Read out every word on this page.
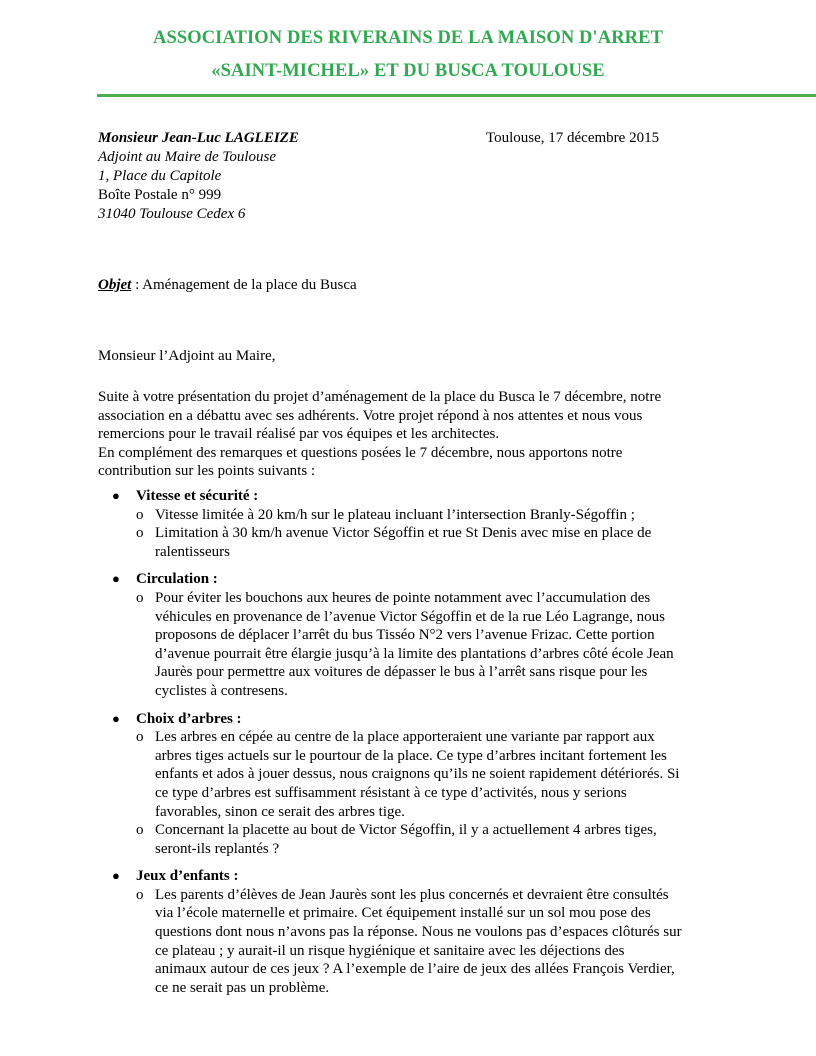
ASSOCIATION DES RIVERAINS DE LA MAISON D'ARRET
«SAINT-MICHEL» ET DU BUSCA TOULOUSE
Monsieur Jean-Luc LAGLEIZE
Adjoint au Maire de Toulouse
1, Place du Capitole
Boîte Postale n° 999
31040 Toulouse Cedex 6
Toulouse, 17 décembre 2015
Objet : Aménagement de la place du Busca
Monsieur l’Adjoint au Maire,
Suite à votre présentation du projet d’aménagement de la place du Busca le 7 décembre, notre
association en a débattu avec ses adhérents. Votre projet répond à nos attentes et nous vous
remercions pour le travail réalisé par vos équipes et les architectes.
En complément des remarques et questions posées le 7 décembre, nous apportons notre
contribution sur les points suivants :
● Vitesse et sécurité :
o Vitesse limitée à 20 km/h sur le plateau incluant l’intersection Branly-Ségoffin ;
o Limitation à 30 km/h avenue Victor Ségoffin et rue St Denis avec mise en place de
ralentisseurs
● Circulation :
o Pour éviter les bouchons aux heures de pointe notamment avec l’accumulation des
véhicules en provenance de l’avenue Victor Ségoffin et de la rue Léo Lagrange, nous
proposons de déplacer l’arrêt du bus Tisséo N°2 vers l’avenue Frizac. Cette portion
d’avenue pourrait être élargie jusqu’à la limite des plantations d’arbres côté école Jean
Jaurès pour permettre aux voitures de dépasser le bus à l’arrêt sans risque pour les
cyclistes à contresens.
● Choix d’arbres :
o Les arbres en cépée au centre de la place apporteraient une variante par rapport aux
arbres tiges actuels sur le pourtour de la place. Ce type d’arbres incitant fortement les
enfants et ados à jouer dessus, nous craignons qu’ils ne soient rapidement détériorés. Si
ce type d’arbres est suffisamment résistant à ce type d’activités, nous y serions
favorables, sinon ce serait des arbres tige.
o Concernant la placette au bout de Victor Ségoffin, il y a actuellement 4 arbres tiges,
seront-ils replantés ?
● Jeux d’enfants :
o Les parents d’élèves de Jean Jaurès sont les plus concernés et devraient être consultés
via l’école maternelle et primaire. Cet équipement installé sur un sol mou pose des
questions dont nous n’avons pas la réponse. Nous ne voulons pas d’espaces clôturés sur
ce plateau ; y aurait-il un risque hygiénique et sanitaire avec les déjections des
animaux autour de ces jeux ? A l’exemple de l’aire de jeux des allées François Verdier,
ce ne serait pas un problème.
